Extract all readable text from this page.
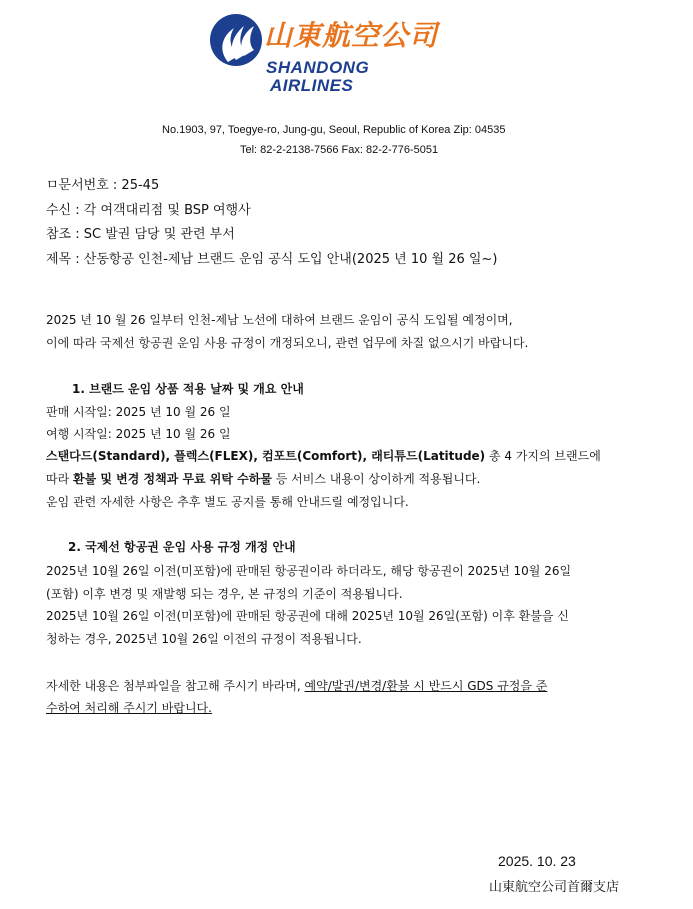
山東航空公司
SHANDONG
AIRLINES
No.1903, 97, Toegye-ro, Jung-gu, Seoul, Republic of Korea Zip: 04535
Tel: 82-2-2138-7566 Fax: 82-2-776-5051
ㅁ문서번호 : 25-45
수신 : 각 여객대리점 및 BSP 여행사
참조 : SC 발권 담당 및 관련 부서
제목 : 산동항공 인천-제남 브랜드 운임 공식 도입 안내(2025 년 10 월 26 일~)
2025 년 10 월 26 일부터 인천-제남 노선에 대하여 브랜드 운임이 공식 도입될 예정이며,
이에 따라 국제선 항공권 운임 사용 규정이 개정되오니, 관련 업무에 차질 없으시기 바랍니다.
1. 브랜드 운임 상품 적용 날짜 및 개요 안내
판매 시작일: 2025 년 10 월 26 일
여행 시작일: 2025 년 10 월 26 일
스탠다드(Standard), 플렉스(FLEX), 컴포트(Comfort), 래티튜드(Latitude) 총 4 가지의 브랜드에
따라 환불 및 변경 정책과 무료 위탁 수하물 등 서비스 내용이 상이하게 적용됩니다.
운임 관련 자세한 사항은 추후 별도 공지를 통해 안내드릴 예정입니다.
2. 국제선 항공권 운임 사용 규정 개정 안내
2025년 10월 26일 이전(미포함)에 판매된 항공권이라 하더라도, 해당 항공권이 2025년 10월 26일
(포함) 이후 변경 및 재발행 되는 경우, 본 규정의 기준이 적용됩니다.
2025년 10월 26일 이전(미포함)에 판매된 항공권에 대해 2025년 10월 26일(포함) 이후 환불을 신
청하는 경우, 2025년 10월 26일 이전의 규정이 적용됩니다.
자세한 내용은 첨부파일을 참고해 주시기 바라며, 예약/발권/변경/환불 시 반드시 GDS 규정을 준
수하여 처리해 주시기 바랍니다.
2025. 10. 23
山東航空公司首爾支店
